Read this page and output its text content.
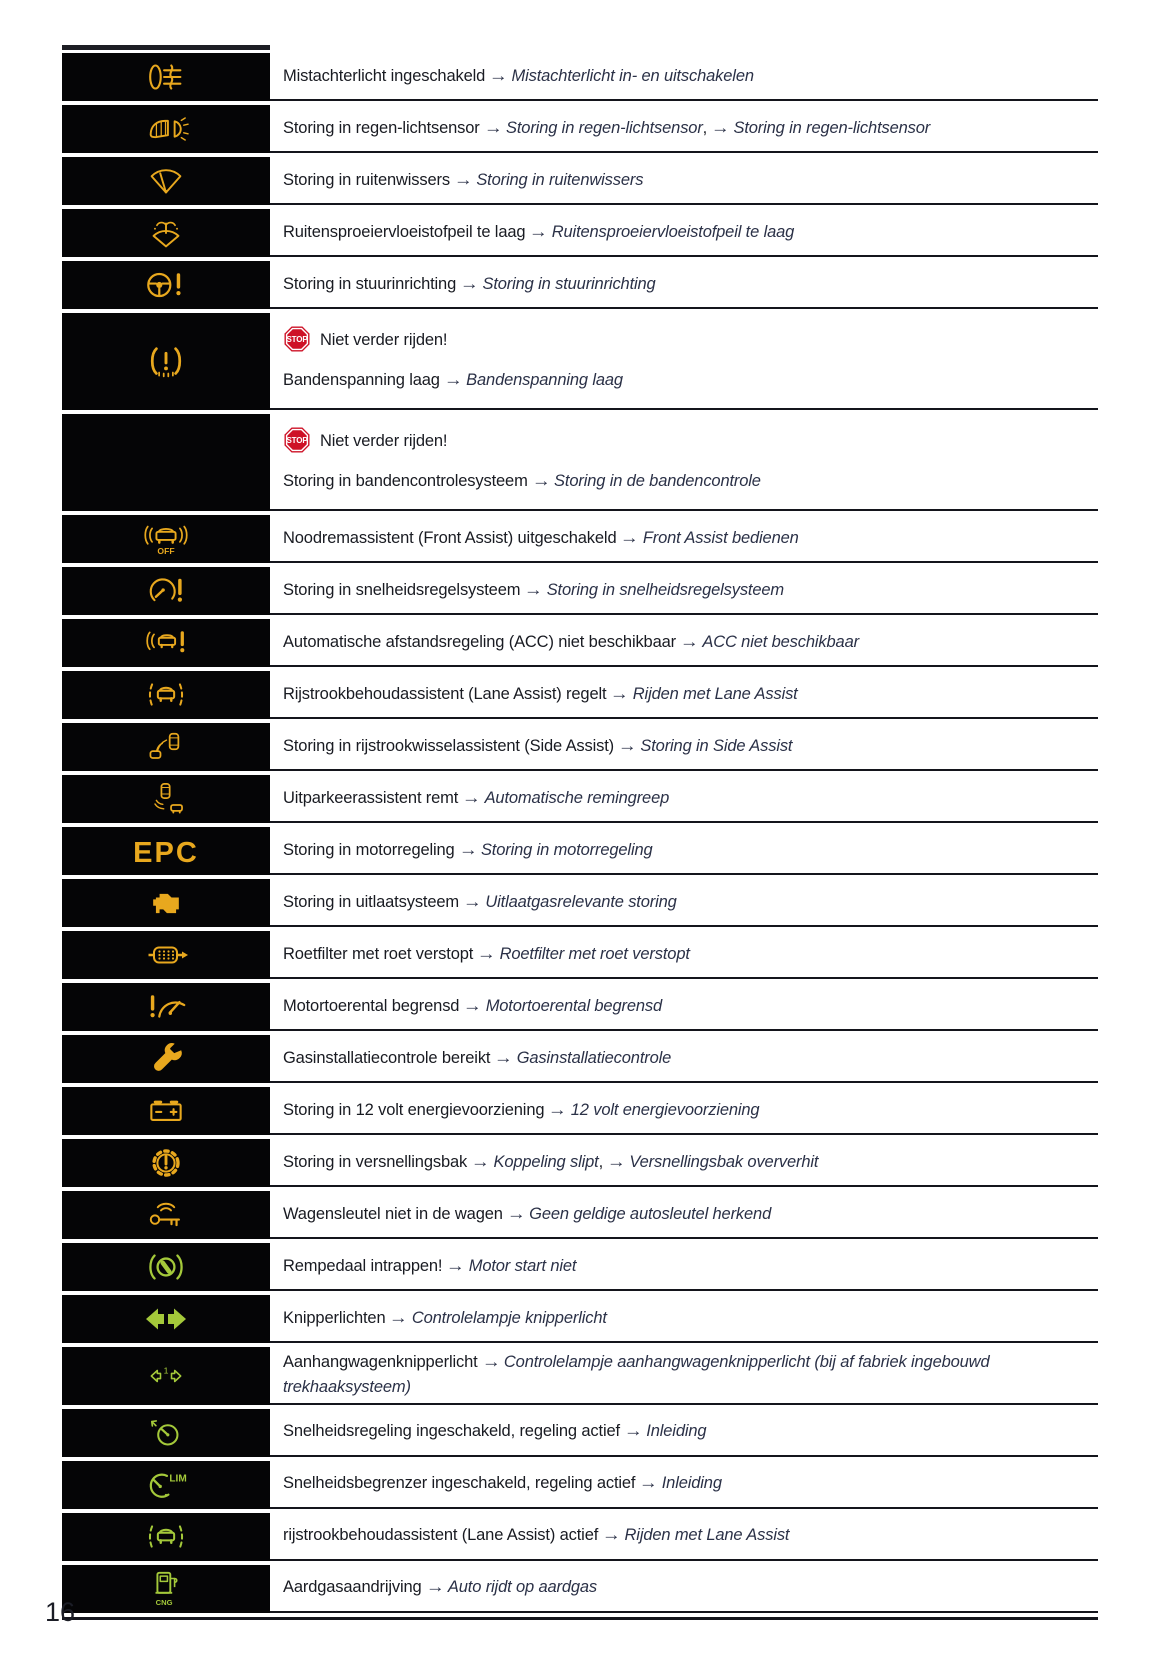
Mistachterlicht ingeschakeld → Mistachterlicht in- en uitschakelen
Storing in regen-lichtsensor → Storing in regen-lichtsensor, → Storing in regen-lichtsensor
Storing in ruitenwissers → Storing in ruitenwissers
Ruitensproeiervloeistofpeil te laag → Ruitensproeiervloeistofpeil te laag
Storing in stuurinrichting → Storing in stuurinrichting
STOP Niet verder rijden!
Bandenspanning laag → Bandenspanning laag
STOP Niet verder rijden!
Storing in bandencontrolesysteem → Storing in de bandencontrole
OFF
Noodremassistent (Front Assist) uitgeschakeld → Front Assist bedienen
Storing in snelheidsregelsysteem → Storing in snelheidsregelsysteem
Automatische afstandsregeling (ACC) niet beschikbaar → ACC niet beschikbaar
Rijstrookbehoudassistent (Lane Assist) regelt → Rijden met Lane Assist
Storing in rijstrookwisselassistent (Side Assist) → Storing in Side Assist
Uitparkeerassistent remt → Automatische remingreep
EPC	Storing in motorregeling → Storing in motorregeling
Storing in uitlaatsysteem → Uitlaatgasrelevante storing
Roetfilter met roet verstopt → Roetfilter met roet verstopt
Motortoerental begrensd → Motortoerental begrensd
Gasinstallatiecontrole bereikt → Gasinstallatiecontrole
Storing in 12 volt energievoorziening → 12 volt energievoorziening
Storing in versnellingsbak → Koppeling slipt, → Versnellingsbak oververhit
Wagensleutel niet in de wagen → Geen geldige autosleutel herkend
Rempedaal intrappen! → Motor start niet
Knipperlichten → Controlelampje knipperlicht
1	Aanhangwagenknipperlicht → Controlelampje aanhangwagenknipperlicht (bij af fabriek ingebouwd trekhaaksysteem)
Snelheidsregeling ingeschakeld, regeling actief → Inleiding
LIM	Snelheidsbegrenzer ingeschakeld, regeling actief → Inleiding
rijstrookbehoudassistent (Lane Assist) actief → Rijden met Lane Assist
CNG
Aardgasaandrijving → Auto rijdt op aardgas
16
